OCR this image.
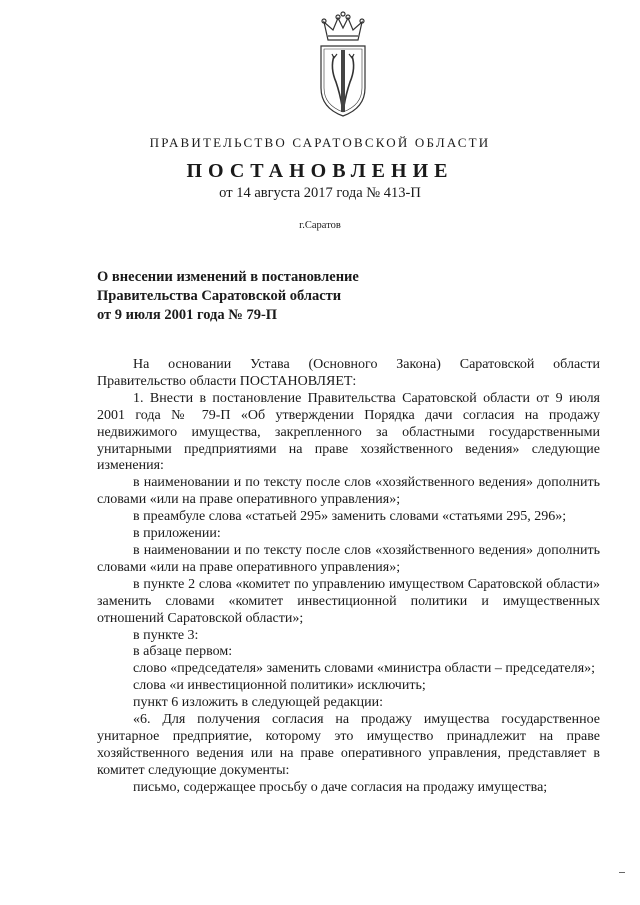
ПРАВИТЕЛЬСТВО САРАТОВСКОЙ ОБЛАСТИ
ПОСТАНОВЛЕНИЕ
от 14 августа 2017 года № 413-П
г.Саратов
О внесении изменений в постановление
Правительства Саратовской области
от 9 июля 2001 года № 79-П

На основании Устава (Основного Закона) Саратовской области Правительство области ПОСТАНОВЛЯЕТ:

1. Внести в постановление Правительства Саратовской области от 9 июля 2001 года № 79-П «Об утверждении Порядка дачи согласия на продажу недвижимого имущества, закрепленного за областными государственными унитарными предприятиями на праве хозяйственного ведения» следующие изменения:

в наименовании и по тексту после слов «хозяйственного ведения» дополнить словами «или на праве оперативного управления»;

в преамбуле слова «статьей 295» заменить словами «статьями 295, 296»;

в приложении:

в наименовании и по тексту после слов «хозяйственного ведения» дополнить словами «или на праве оперативного управления»;

в пункте 2 слова «комитет по управлению имуществом Саратовской области» заменить словами «комитет инвестиционной политики и имущественных отношений Саратовской области»;

в пункте 3:

в абзаце первом:

слово «председателя» заменить словами «министра области – председателя»;

слова «и инвестиционной политики» исключить;

пункт 6 изложить в следующей редакции:

«6. Для получения согласия на продажу имущества государственное унитарное предприятие, которому это имущество принадлежит на праве хозяйственного ведения или на праве оперативного управления, представляет в комитет следующие документы:

письмо, содержащее просьбу о даче согласия на продажу имущества;
